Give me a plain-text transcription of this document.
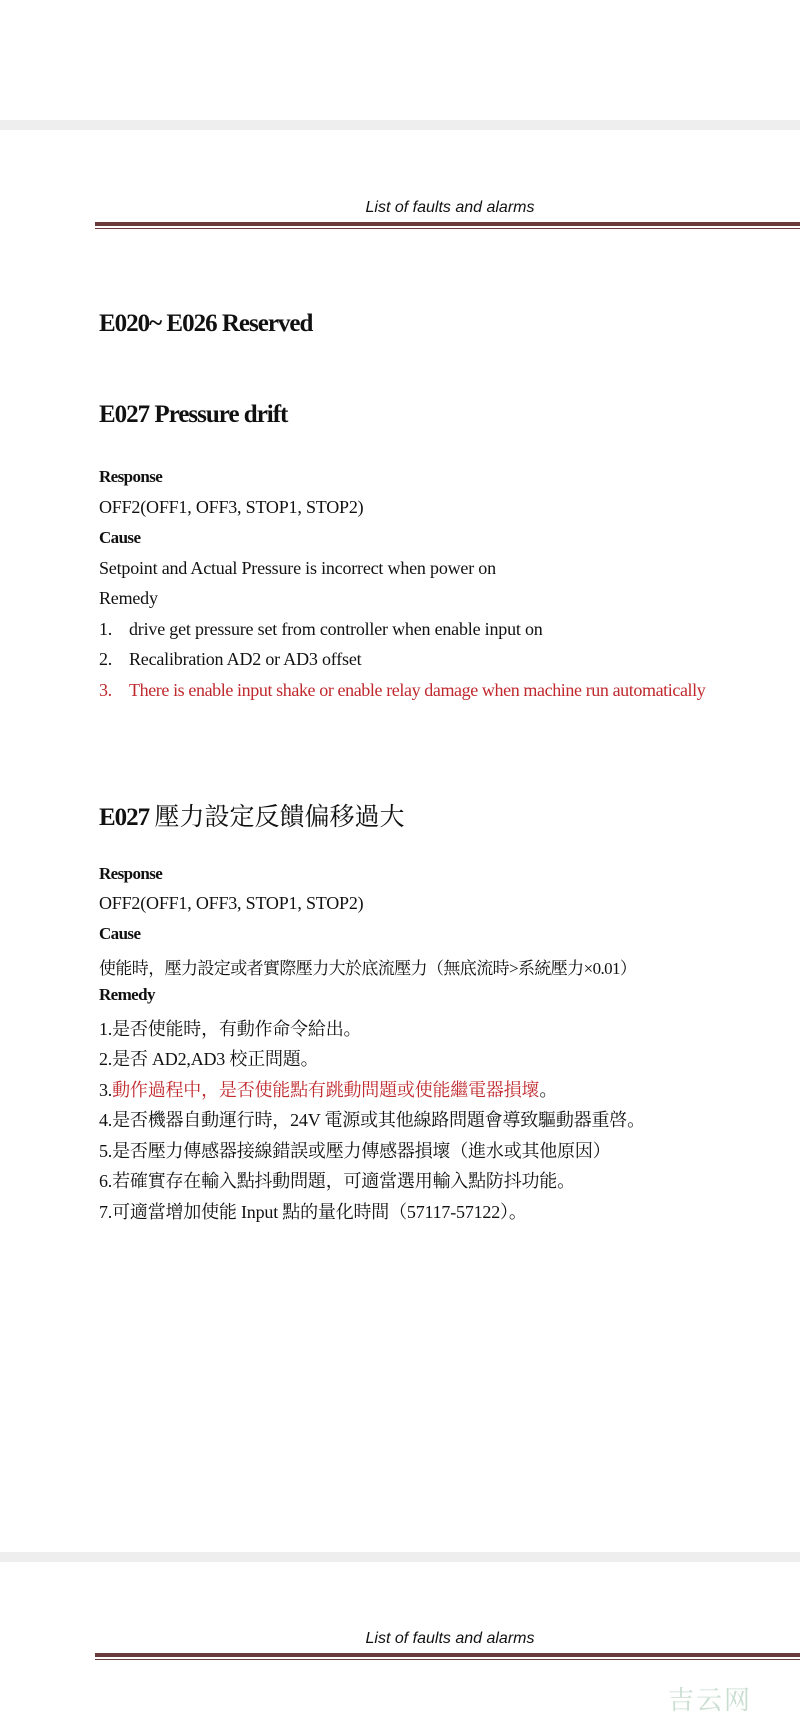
List of faults and alarms
E020~ E026 Reserved
E027 Pressure drift
Response
OFF2(OFF1, OFF3, STOP1, STOP2)
Cause
Setpoint and Actual Pressure is incorrect when power on
Remedy
1. drive get pressure set from controller when enable input on
2. Recalibration AD2 or AD3 offset
3. There is enable input shake or enable relay damage when machine run automatically
E027 壓力設定反饋偏移過大
Response
OFF2(OFF1, OFF3, STOP1, STOP2)
Cause
使能時，壓力設定或者實際壓力大於底流壓力（無底流時>系統壓力×0.01）
Remedy
1.是否使能時，有動作命令給出。
2.是否 AD2,AD3 校正問題。
3.動作過程中，是否使能點有跳動問題或使能繼電器損壞。
4.是否機器自動運行時，24V 電源或其他線路問題會導致驅動器重啓。
5.是否壓力傳感器接線錯誤或壓力傳感器損壞（進水或其他原因）
6.若確實存在輸入點抖動問題，可適當選用輸入點防抖功能。
7.可適當增加使能 Input 點的量化時間（57117-57122）。
List of faults and alarms
吉云网
